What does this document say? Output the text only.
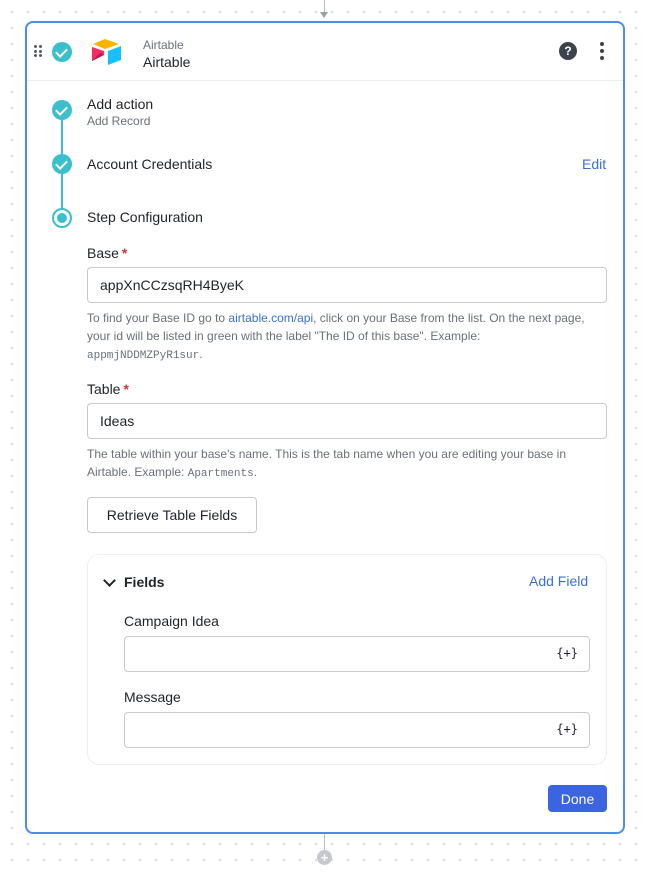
Airtable
Airtable
?
Add action
Add Record
Account Credentials	Edit
Step Configuration
Base *
appXnCCzsqRH4ByeK
To find your Base ID go to airtable.com/api, click on your Base from the list. On the next page, your id will be listed in green with the label "The ID of this base". Example: appmjNDDMZPyR1sur.
Table *
Ideas
The table within your base's name. This is the tab name when you are editing your base in Airtable. Example: Apartments.
Retrieve Table Fields
Fields	Add Field
Campaign Idea
{+}
Message
{+}
Done
+
